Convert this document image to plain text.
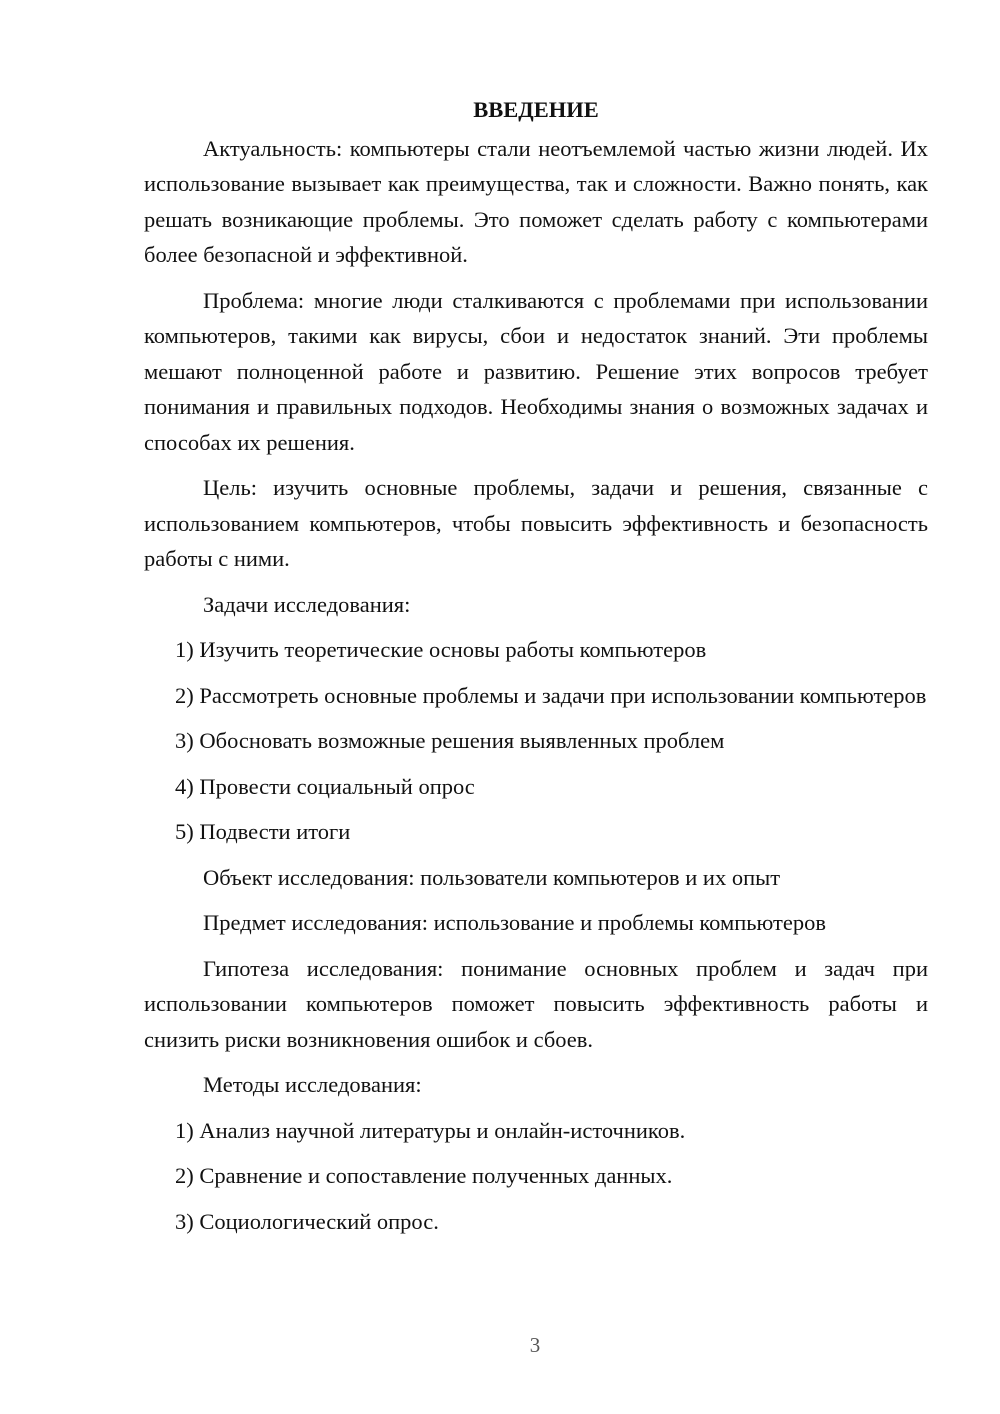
ВВЕДЕНИЕ

Актуальность: компьютеры стали неотъемлемой частью жизни людей. Их использование вызывает как преимущества, так и сложности. Важно понять, как решать возникающие проблемы. Это поможет сделать работу с компьютерами более безопасной и эффективной.

Проблема: многие люди сталкиваются с проблемами при использовании компьютеров, такими как вирусы, сбои и недостаток знаний. Эти проблемы мешают полноценной работе и развитию. Решение этих вопросов требует понимания и правильных подходов. Необходимы знания о возможных задачах и способах их решения.

Цель: изучить основные проблемы, задачи и решения, связанные с использованием компьютеров, чтобы повысить эффективность и безопасность работы с ними.

Задачи исследования:

1) Изучить теоретические основы работы компьютеров

2) Рассмотреть основные проблемы и задачи при использовании компьютеров

3) Обосновать возможные решения выявленных проблем

4) Провести социальный опрос

5) Подвести итоги

Объект исследования: пользователи компьютеров и их опыт

Предмет исследования: использование и проблемы компьютеров

Гипотеза исследования: понимание основных проблем и задач при использовании компьютеров поможет повысить эффективность работы и снизить риски возникновения ошибок и сбоев.

Методы исследования:

1) Анализ научной литературы и онлайн-источников.

2) Сравнение и сопоставление полученных данных.

3) Социологический опрос.

3
